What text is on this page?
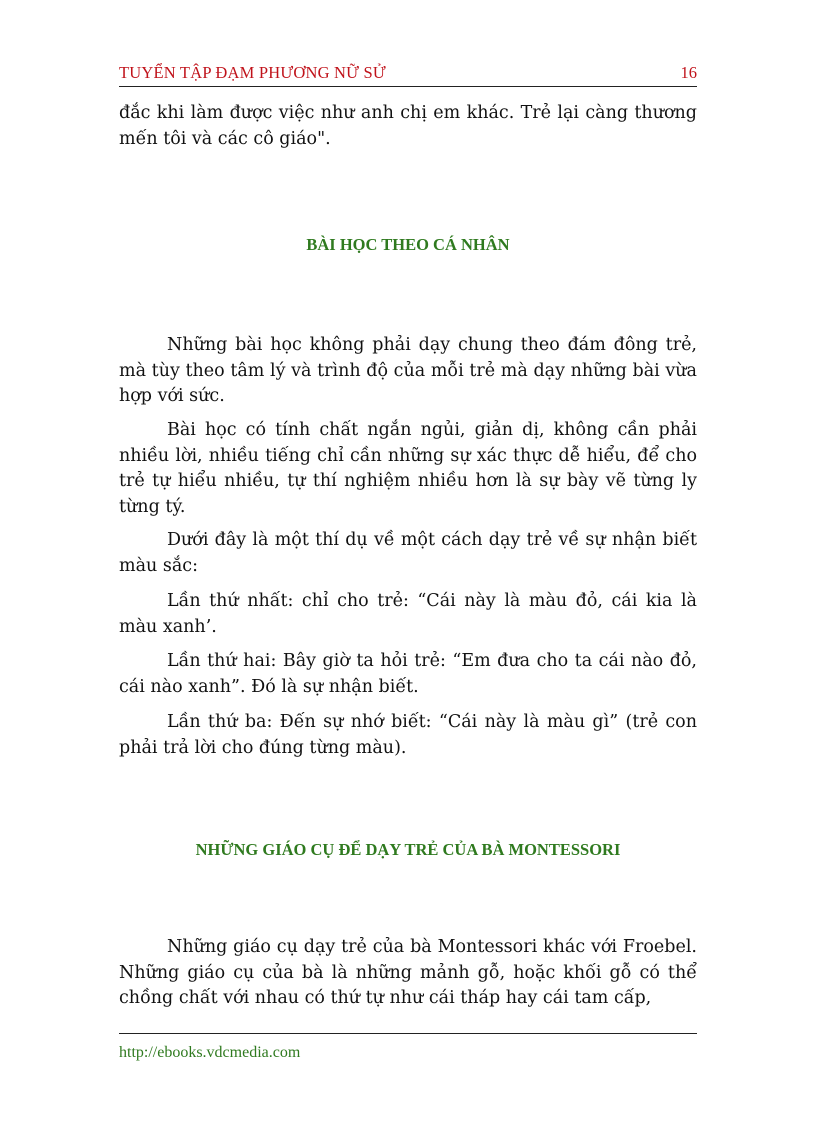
TUYỂN TẬP ĐẠM PHƯƠNG NỮ SỬ	16

đắc khi làm được việc như anh chị em khác. Trẻ lại càng thương mến tôi và các cô giáo".

BÀI HỌC THEO CÁ NHÂN

Những bài học không phải dạy chung theo đám đông trẻ, mà tùy theo tâm lý và trình độ của mỗi trẻ mà dạy những bài vừa hợp với sức.

Bài học có tính chất ngắn ngủi, giản dị, không cần phải nhiều lời, nhiều tiếng chỉ cần những sự xác thực dễ hiểu, để cho trẻ tự hiểu nhiều, tự thí nghiệm nhiều hơn là sự bày vẽ từng ly từng tý.

Dưới đây là một thí dụ về một cách dạy trẻ về sự nhận biết màu sắc:

Lần thứ nhất: chỉ cho trẻ: “Cái này là màu đỏ, cái kia là màu xanh’.

Lần thứ hai: Bây giờ ta hỏi trẻ: “Em đưa cho ta cái nào đỏ, cái nào xanh”. Đó là sự nhận biết.

Lần thứ ba: Đến sự nhớ biết: “Cái này là màu gì” (trẻ con phải trả lời cho đúng từng màu).

NHỮNG GIÁO CỤ ĐỂ DẠY TRẺ CỦA BÀ MONTESSORI

Những giáo cụ dạy trẻ của bà Montessori khác với Froebel. Những giáo cụ của bà là những mảnh gỗ, hoặc khối gỗ có thể chồng chất với nhau có thứ tự như cái tháp hay cái tam cấp,

http://ebooks.vdcmedia.com
